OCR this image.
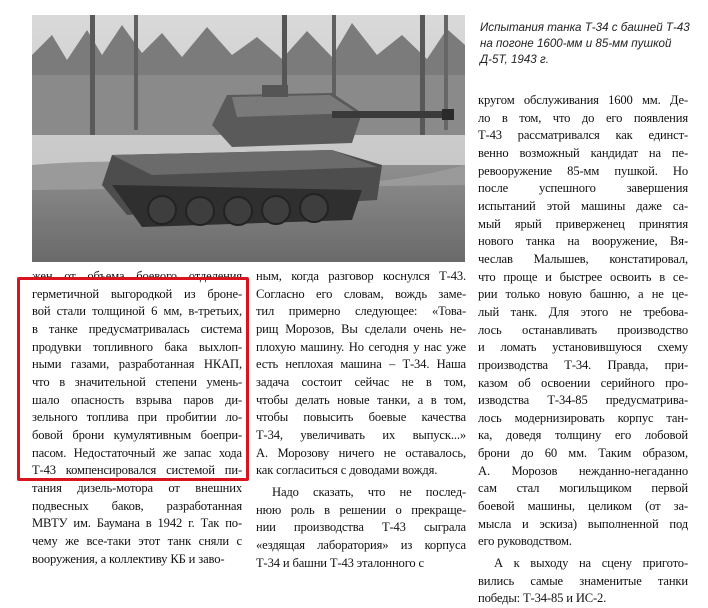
Испытания танка Т-34 с башней Т-43 на погоне 1600-мм и 85-мм пушкой Д-5Т, 1943 г.
жен от объема боевого отделения
герметичной выгородкой из броне-
вой стали толщиной 6 мм, в-третьих,
в танке предусматривалась система
продувки топливного бака выхлоп-
ными газами, разработанная НКАП,
что в значительной степени умень-
шало опасность взрыва паров ди-
зельного топлива при пробитии ло-
бовой брони кумулятивным боепри-
пасом. Недостаточный же запас хода
Т-43 компенсировался системой пи-
тания дизель-мотора от внешних
подвесных баков, разработанная
МВТУ им. Баумана в 1942 г. Так по-
чему же все-таки этот танк сняли с
вооружения, а коллективу КБ и заво-
ным, когда разговор коснулся Т-43.
Согласно его словам, вождь заме-
тил примерно следующее: «Това-
рищ Морозов, Вы сделали очень не-
плохую машину. Но сегодня у нас уже
есть неплохая машина – Т-34. Наша
задача состоит сейчас не в том,
чтобы делать новые танки, а в том,
чтобы повысить боевые качества
Т-34, увеличивать их выпуск...»
А. Морозову ничего не оставалось,
как согласиться с доводами вождя.

Надо сказать, что не послед-
нюю роль в решении о прекраще-
нии производства Т-43 сыграла
«ездящая лаборатория» из корпуса
Т-34 и башни Т-43 эталонного с
кругом обслуживания 1600 мм. Де-
ло в том, что до его появления
Т-43 рассматривался как единст-
венно возможный кандидат на пе-
ревооружение 85-мм пушкой. Но
после успешного завершения
испытаний этой машины даже са-
мый ярый приверженец принятия
нового танка на вооружение, Вя-
чеслав Малышев, констатировал,
что проще и быстрее освоить в се-
рии только новую башню, а не це-
лый танк. Для этого не требова-
лось останавливать производство
и ломать установившуюся схему
производства Т-34. Правда, при-
казом об освоении серийного про-
изводства Т-34-85 предусматрива-
лось модернизировать корпус тан-
ка, доведя толщину его лобовой
брони до 60 мм. Таким образом,
А. Морозов нежданно-негаданно
сам стал могильщиком первой
боевой машины, целиком (от за-
мысла и эскиза) выполненной под
его руководством.

А к выходу на сцену пригото-
вились самые знаменитые танки
победы: Т-34-85 и ИС-2.
